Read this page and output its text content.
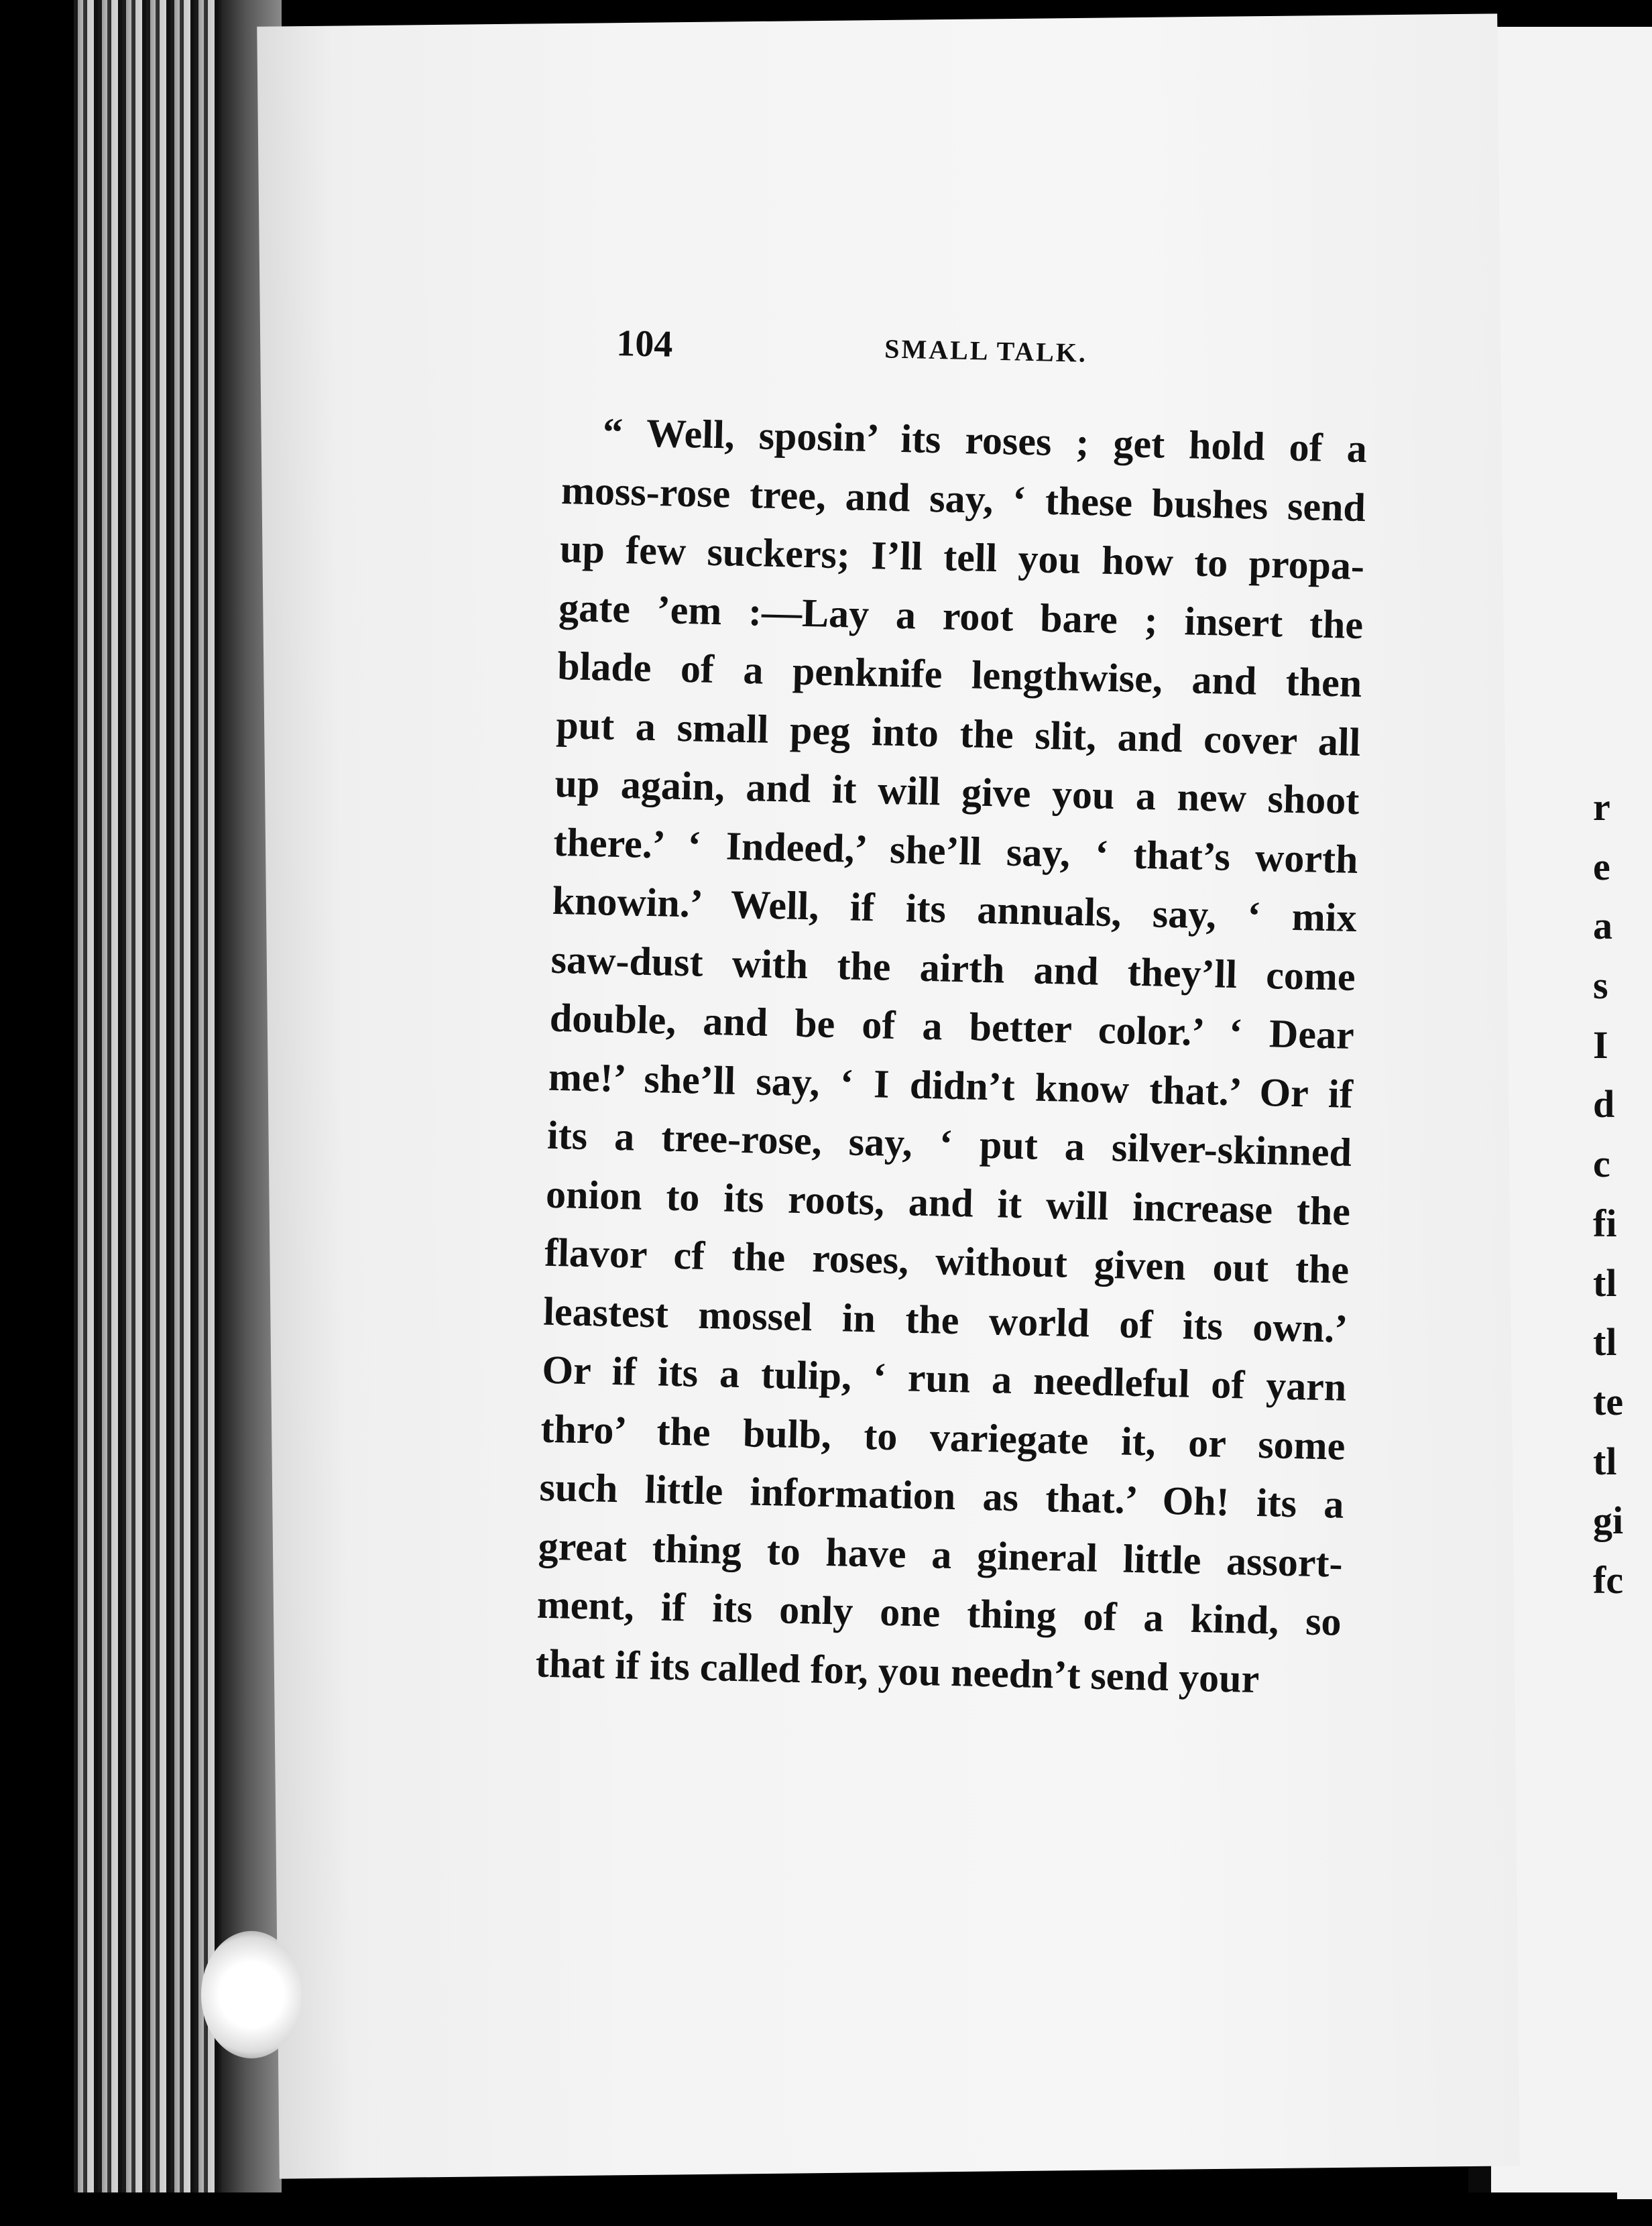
104	SMALL TALK.
“ Well, sposin’ its roses ; get hold of a
moss-rose tree, and say, ‘ these bushes send
up few suckers; I’ll tell you how to propa-
gate ’em :—Lay a root bare ; insert the
blade of a penknife lengthwise, and then
put a small peg into the slit, and cover all
up again, and it will give you a new shoot
there.’ ‘ Indeed,’ she’ll say, ‘ that’s worth
knowin.’ Well, if its annuals, say, ‘ mix
saw-dust with the airth and they’ll come
double, and be of a better color.’ ‘ Dear
me!’ she’ll say, ‘ I didn’t know that.’ Or if
its a tree-rose, say, ‘ put a silver-skinned
onion to its roots, and it will increase the
flavor cf the roses, without given out the
leastest mossel in the world of its own.’
Or if its a tulip, ‘ run a needleful of yarn
thro’ the bulb, to variegate it, or some
such little information as that.’ Oh! its a
great thing to have a gineral little assort-
ment, if its only one thing of a kind, so
that if its called for, you needn’t send your
r
e
a
s
I
d
c
fi
tl
tl
te
tl
gi
fc
